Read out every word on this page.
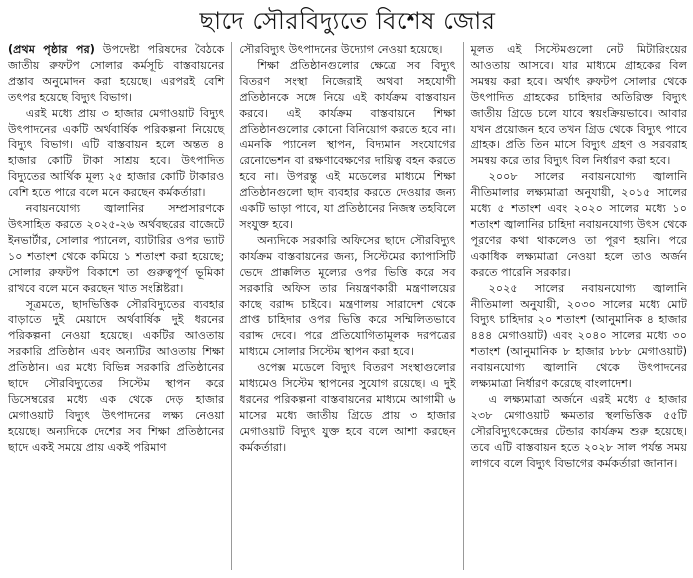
ছাদে সৌরবিদ্যুতে বিশেষ জোর

(প্রথম পৃষ্ঠার পর) উপদেষ্টা পরিষদের বৈঠকে জাতীয় রুফটপ সোলার কর্মসূচি বাস্তবায়নের প্রস্তাব অনুমোদন করা হয়েছে। এরপরই বেশি তৎপর হয়েছে বিদ্যুৎ বিভাগ।

এরই মধ্যে প্রায় ৩ হাজার মেগাওয়াট বিদ্যুৎ উৎপাদনের একটি অর্থবার্ষিক পরিকল্পনা নিয়েছে বিদ্যুৎ বিভাগ। এটি বাস্তবায়ন হলে অন্তত ৪ হাজার কোটি টাকা সাশ্রয় হবে। উৎপাদিত বিদ্যুতের আর্থিক মূল্য ২৫ হাজার কোটি টাকারও বেশি হতে পারে বলে মনে করছেন কর্মকর্তারা।

নবায়নযোগ্য জ্বালানির সম্প্রসারণকে উৎসাহিত করতে ২০২৫-২৬ অর্থবছরের বাজেটে ইনভার্টার, সোলার প্যানেল, ব্যাটারির ওপর ভ্যাট ১০ শতাংশ থেকে কমিয়ে ১ শতাংশ করা হয়েছে; সোলার রুফটপ বিকাশে তা গুরুত্বপূর্ণ ভূমিকা রাখবে বলে মনে করছেন খাত সংশ্লিষ্টরা।

সূত্রমতে, ছাদভিত্তিক সৌরবিদ্যুতের ব্যবহার বাড়াতে দুই মেয়াদে অর্থবার্ষিক দুই ধরনের পরিকল্পনা নেওয়া হয়েছে। একটির আওতায় সরকারি প্রতিষ্ঠান এবং অন্যটির আওতায় শিক্ষা প্রতিষ্ঠান। এর মধ্যে বিভিন্ন সরকারি প্রতিষ্ঠানের ছাদে সৌরবিদ্যুতের সিস্টেম স্থাপন করে ডিসেম্বরের মধ্যে এক থেকে দেড় হাজার মেগাওয়াট বিদ্যুৎ উৎপাদনের লক্ষ্য নেওয়া হয়েছে। অন্যদিকে দেশের সব শিক্ষা প্রতিষ্ঠানের ছাদে একই সময়ে প্রায় একই পরিমাণ

সৌরবিদ্যুৎ উৎপাদনের উদ্যোগ নেওয়া হয়েছে।

শিক্ষা প্রতিষ্ঠানগুলোর ক্ষেত্রে সব বিদ্যুৎ বিতরণ সংস্থা নিজেরাই অথবা সহযোগী প্রতিষ্ঠানকে সঙ্গে নিয়ে এই কার্যক্রম বাস্তবায়ন করবে। এই কার্যক্রম বাস্তবায়নে শিক্ষা প্রতিষ্ঠানগুলোর কোনো বিনিয়োগ করতে হবে না। এমনকি প্যানেল স্থাপন, বিদ্যমান সংযোগের রেনোভেশন বা রক্ষণাবেক্ষণের দায়িত্ব বহন করতে হবে না। উপরন্তু এই মডেলের মাধ্যমে শিক্ষা প্রতিষ্ঠানগুলো ছাদ ব্যবহার করতে দেওয়ার জন্য একটি ভাড়া পাবে, যা প্রতিষ্ঠানের নিজস্ব তহবিলে সংযুক্ত হবে।

অন্যদিকে সরকারি অফিসের ছাদে সৌরবিদ্যুৎ কার্যক্রম বাস্তবায়নের জন্য, সিস্টেমের ক্যাপাসিটি ভেদে প্রাক্কলিত মূল্যের ওপর ভিত্তি করে সব সরকারি অফিস তার নিয়ন্ত্রণকারী মন্ত্রণালয়ের কাছে বরাদ্দ চাইবে। মন্ত্রণালয় সারাদেশ থেকে প্রাপ্ত চাহিদার ওপর ভিত্তি করে সম্মিলিতভাবে বরাদ্দ দেবে। পরে প্রতিযোগিতামূলক দরপত্রের মাধ্যমে সোলার সিস্টেম স্থাপন করা হবে।

ওপেক্স মডেলে বিদ্যুৎ বিতরণ সংস্থাগুলোর মাধ্যমেও সিস্টেম স্থাপনের সুযোগ রয়েছে। এ দুই ধরনের পরিকল্পনা বাস্তবায়নের মাধ্যমে আগামী ৬ মাসের মধ্যে জাতীয় গ্রিডে প্রায় ৩ হাজার মেগাওয়াট বিদ্যুৎ যুক্ত হবে বলে আশা করছেন কর্মকর্তারা।

মূলত এই সিস্টেমগুলো নেট মিটারিংয়ের আওতায় আসবে। যার মাধ্যমে গ্রাহকের বিল সমন্বয় করা হবে। অর্থাৎ রুফটপ সোলার থেকে উৎপাদিত গ্রাহকের চাহিদার অতিরিক্ত বিদ্যুৎ জাতীয় গ্রিডে চলে যাবে স্বয়ংক্রিয়ভাবে। আবার যখন প্রয়োজন হবে তখন গ্রিড থেকে বিদ্যুৎ পাবে গ্রাহক। প্রতি তিন মাসে বিদ্যুৎ গ্রহণ ও সরবরাহ সমন্বয় করে তার বিদ্যুৎ বিল নির্ধারণ করা হবে।

২০০৮ সালের নবায়নযোগ্য জ্বালানি নীতিমালার লক্ষ্যমাত্রা অনুযায়ী, ২০১৫ সালের মধ্যে ৫ শতাংশ এবং ২০২০ সালের মধ্যে ১০ শতাংশ জ্বালানির চাহিদা নবায়নযোগ্য উৎস থেকে পূরণের কথা থাকলেও তা পূরণ হয়নি। পরে একাধিক লক্ষ্যমাত্রা নেওয়া হলে তাও অর্জন করতে পারেনি সরকার।

২০২৫ সালের নবায়নযোগ্য জ্বালানি নীতিমালা অনুযায়ী, ২০৩০ সালের মধ্যে মোট বিদ্যুৎ চাহিদার ২০ শতাংশ (আনুমানিক ৪ হাজার ৪৪৪ মেগাওয়াট) এবং ২০৪০ সালের মধ্যে ৩০ শতাংশ (আনুমানিক ৮ হাজার ৮৮৮ মেগাওয়াট) নবায়নযোগ্য জ্বালানি থেকে উৎপাদনের লক্ষ্যমাত্রা নির্ধারণ করেছে বাংলাদেশ।

এ লক্ষ্যমাত্রা অর্জনে এরই মধ্যে ৫ হাজার ২৩৮ মেগাওয়াট ক্ষমতার স্থলভিত্তিক ৫৫টি সৌরবিদ্যুৎকেন্দ্রের টেন্ডার কার্যক্রম শুরু হয়েছে। তবে এটি বাস্তবায়ন হতে ২০২৮ সাল পর্যন্ত সময় লাগবে বলে বিদ্যুৎ বিভাগের কর্মকর্তারা জানান।
